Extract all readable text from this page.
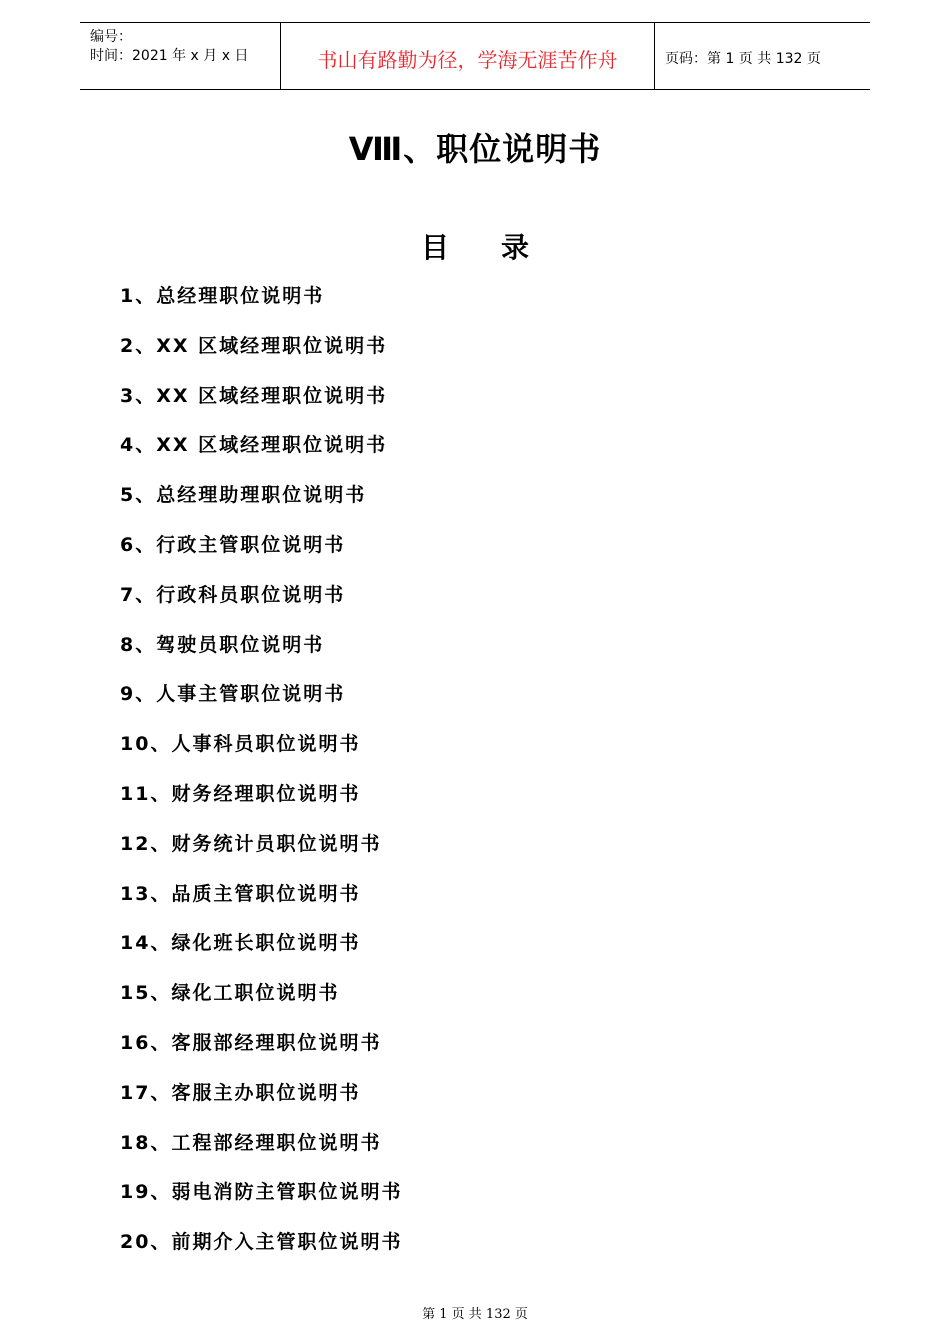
编号：
时间：2021 年 x 月 x 日	书山有路勤为径，学海无涯苦作舟	页码：第 1 页 共 132 页
Ⅷ、职位说明书
目录
1、总经理职位说明书
2、XX 区域经理职位说明书
3、XX 区域经理职位说明书
4、XX 区域经理职位说明书
5、总经理助理职位说明书
6、行政主管职位说明书
7、行政科员职位说明书
8、驾驶员职位说明书
9、人事主管职位说明书
10、人事科员职位说明书
11、财务经理职位说明书
12、财务统计员职位说明书
13、品质主管职位说明书
14、绿化班长职位说明书
15、绿化工职位说明书
16、客服部经理职位说明书
17、客服主办职位说明书
18、工程部经理职位说明书
19、弱电消防主管职位说明书
20、前期介入主管职位说明书
第 1 页 共 132 页
